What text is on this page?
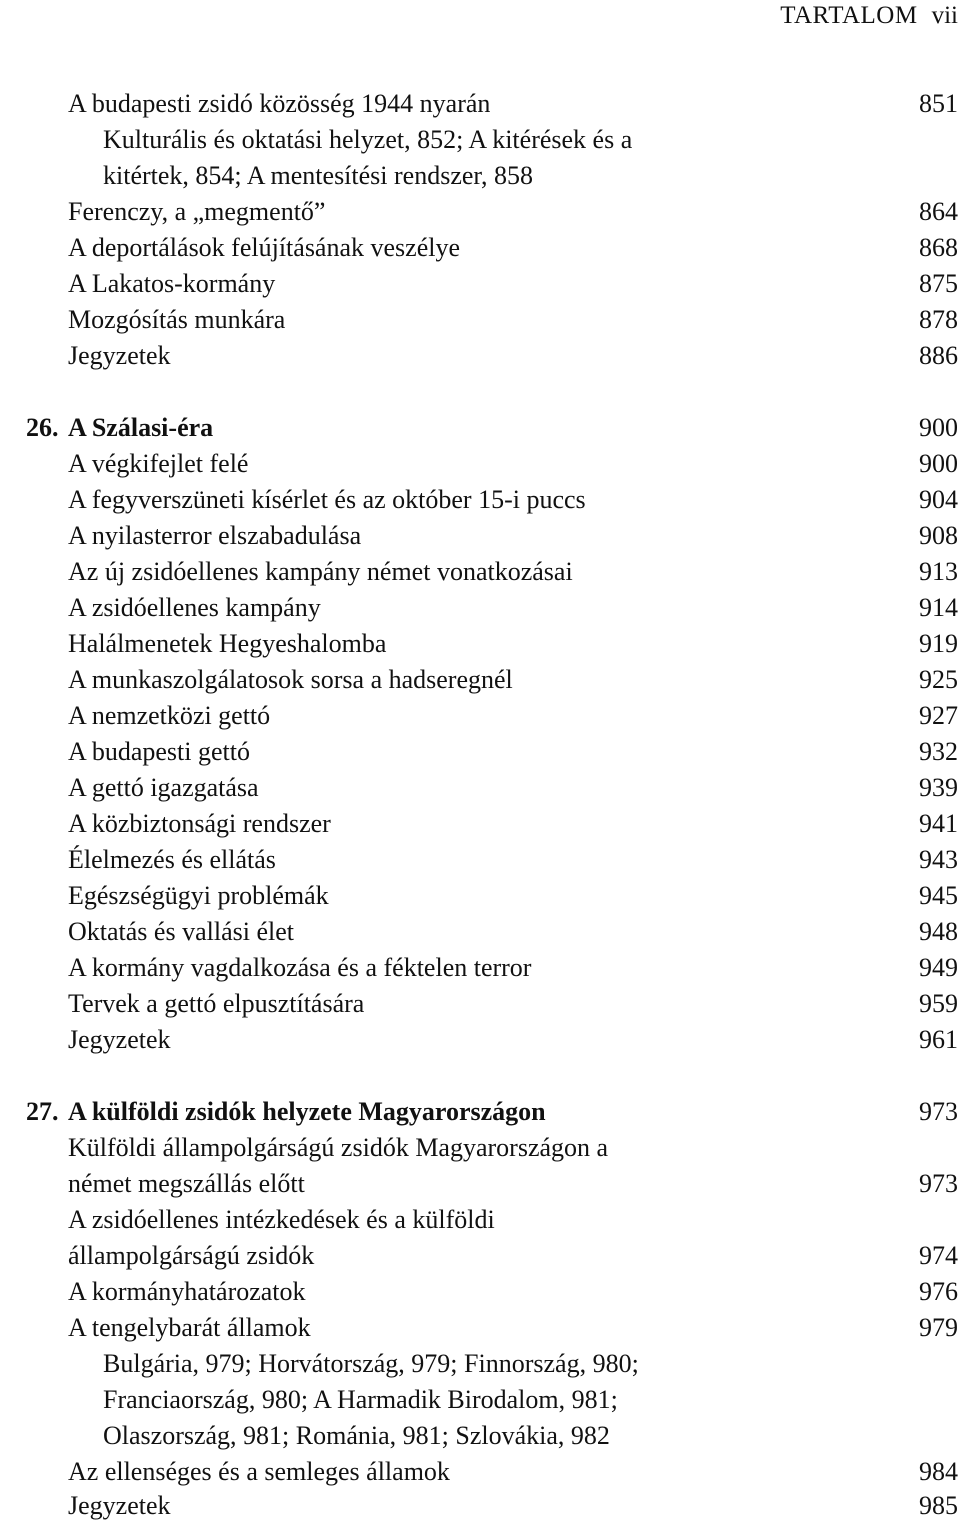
TARTALOM vii
A budapesti zsidó közösség 1944 nyarán	851
Kulturális és oktatási helyzet, 852; A kitérések és a
kitértek, 854; A mentesítési rendszer, 858
Ferenczy, a „megmentő”	864
A deportálások felújításának veszélye	868
A Lakatos-kormány	875
Mozgósítás munkára	878
Jegyzetek	886
26. A Szálasi-éra	900
A végkifejlet felé	900
A fegyverszüneti kísérlet és az október 15-i puccs	904
A nyilasterror elszabadulása	908
Az új zsidóellenes kampány német vonatkozásai	913
A zsidóellenes kampány	914
Halálmenetek Hegyeshalomba	919
A munkaszolgálatosok sorsa a hadseregnél	925
A nemzetközi gettó	927
A budapesti gettó	932
A gettó igazgatása	939
A közbiztonsági rendszer	941
Élelmezés és ellátás	943
Egészségügyi problémák	945
Oktatás és vallási élet	948
A kormány vagdalkozása és a féktelen terror	949
Tervek a gettó elpusztítására	959
Jegyzetek	961
27. A külföldi zsidók helyzete Magyarországon	973
Külföldi állampolgárságú zsidók Magyarországon a
német megszállás előtt	973
A zsidóellenes intézkedések és a külföldi
állampolgárságú zsidók	974
A kormányhatározatok	976
A tengelybarát államok	979
Bulgária, 979; Horvátország, 979; Finnország, 980;
Franciaország, 980; A Harmadik Birodalom, 981;
Olaszország, 981; Románia, 981; Szlovákia, 982
Az ellenséges és a semleges államok	984
Jegyzetek	985
